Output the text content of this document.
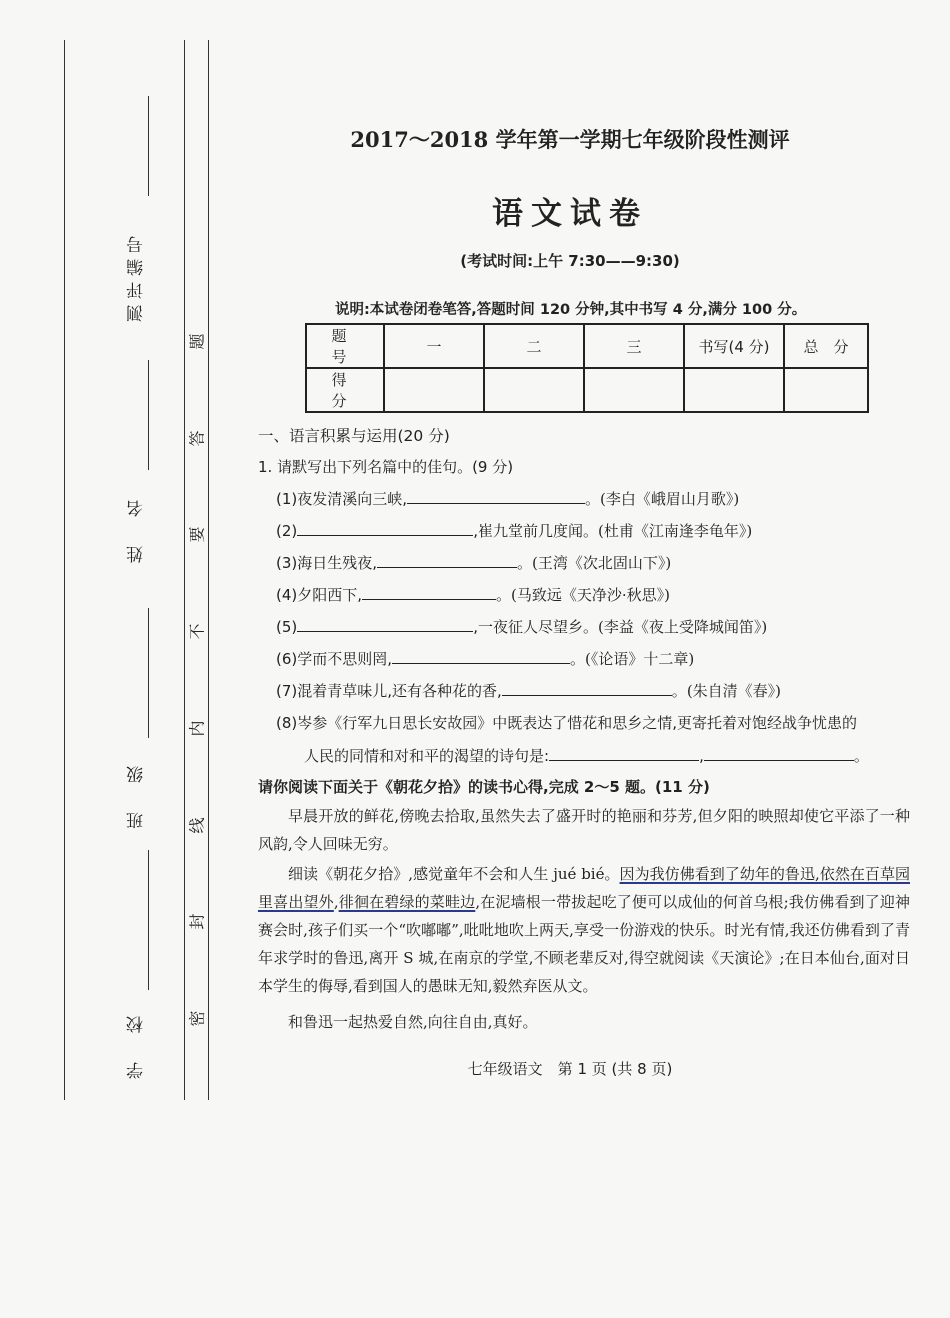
测评编号
姓　名
班　级
学　校
题
答
要
不
内
线
封
密
2017～2018 学年第一学期七年级阶段性测评
语文试卷
(考试时间:上午 7:30——9:30)
说明:本试卷闭卷笔答,答题时间 120 分钟,其中书写 4 分,满分 100 分。
题　号	一	二	三	书写(4 分)	总　分
得　分					
一、语言积累与运用(20 分)
1. 请默写出下列名篇中的佳句。(9 分)
(1)夜发清溪向三峡,	。(李白《峨眉山月歌》)
(2)	,崔九堂前几度闻。(杜甫《江南逢李龟年》)
(3)海日生残夜,	。(王湾《次北固山下》)
(4)夕阳西下,	。(马致远《天净沙·秋思》)
(5)	,一夜征人尽望乡。(李益《夜上受降城闻笛》)
(6)学而不思则罔,	。(《论语》十二章)
(7)混着青草味儿,还有各种花的香,	。(朱自清《春》)
(8)岑参《行军九日思长安故园》中既表达了惜花和思乡之情,更寄托着对饱经战争忧患的
人民的同情和对和平的渴望的诗句是:	,	。
请你阅读下面关于《朝花夕拾》的读书心得,完成 2～5 题。(11 分)
早晨开放的鲜花,傍晚去拾取,虽然失去了盛开时的艳丽和芬芳,但夕阳的映照却使它平添了一种风韵,令人回味无穷。
细读《朝花夕拾》,感觉童年不会和人生 jué bié。因为我仿佛看到了幼年的鲁迅,依然在百草园里喜出望外,徘徊在碧绿的菜畦边,在泥墙根一带拔起吃了便可以成仙的何首乌根;我仿佛看到了迎神赛会时,孩子们买一个“吹嘟嘟”,吡吡地吹上两天,享受一份游戏的快乐。时光有情,我还仿佛看到了青年求学时的鲁迅,离开 S 城,在南京的学堂,不顾老辈反对,得空就阅读《天演论》;在日本仙台,面对日本学生的侮辱,看到国人的愚昧无知,毅然弃医从文。
和鲁迅一起热爱自然,向往自由,真好。
七年级语文　第 1 页 (共 8 页)
